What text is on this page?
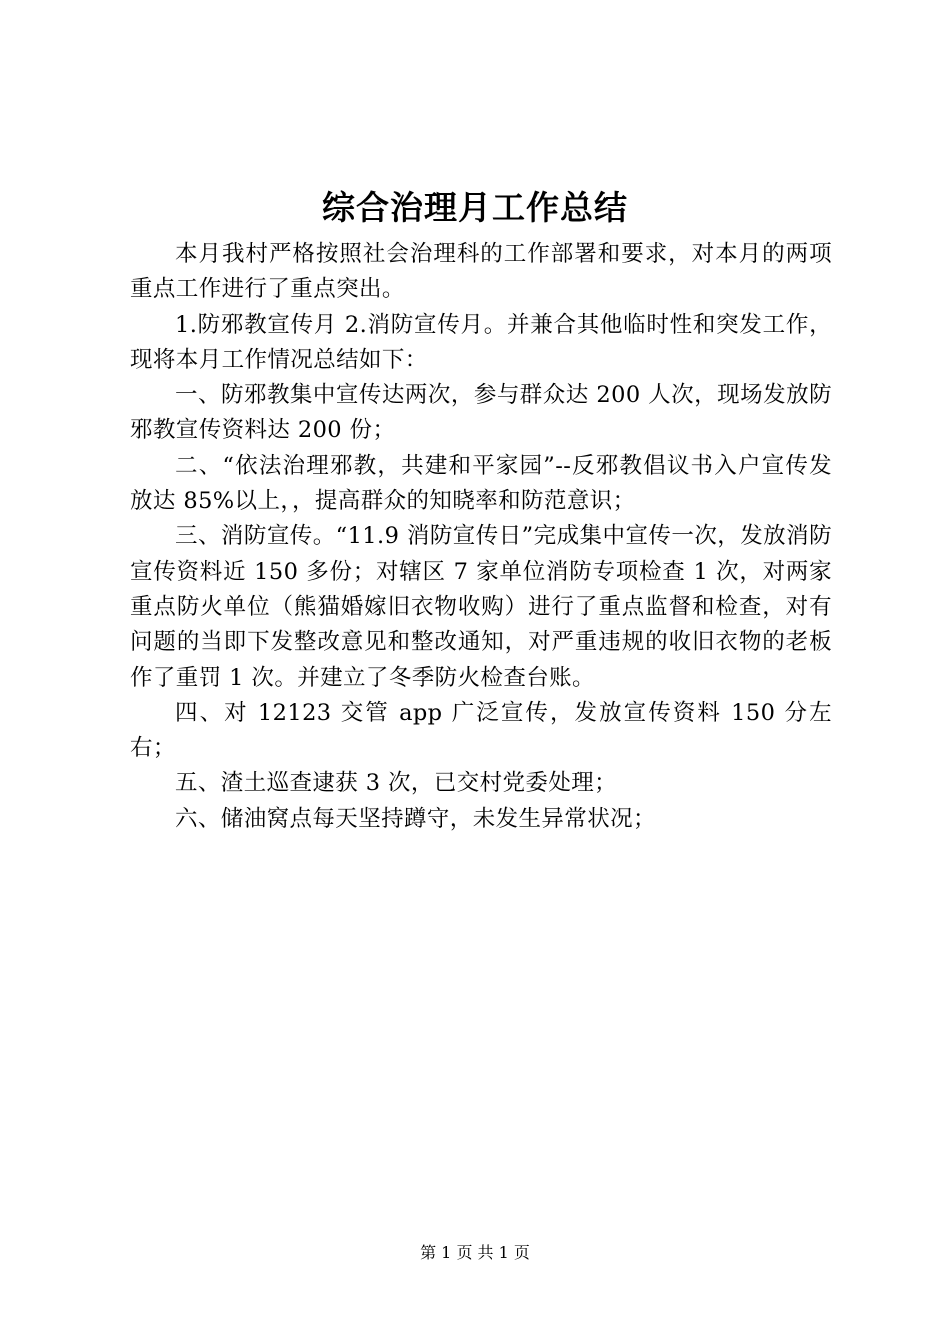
综合治理月工作总结

本月我村严格按照社会治理科的工作部署和要求，对本月的两项重点工作进行了重点突出。

1.防邪教宣传月 2.消防宣传月。并兼合其他临时性和突发工作，现将本月工作情况总结如下：

一、防邪教集中宣传达两次，参与群众达 200 人次，现场发放防邪教宣传资料达 200 份；

二、“依法治理邪教，共建和平家园”--反邪教倡议书入户宣传发放达 85%以上，，提高群众的知晓率和防范意识；

三、消防宣传。“11.9 消防宣传日”完成集中宣传一次，发放消防宣传资料近 150 多份；对辖区 7 家单位消防专项检查 1 次，对两家重点防火单位（熊猫婚嫁旧衣物收购）进行了重点监督和检查，对有问题的当即下发整改意见和整改通知，对严重违规的收旧衣物的老板作了重罚 1 次。并建立了冬季防火检查台账。

四、对 12123 交管 app 广泛宣传，发放宣传资料 150 分左右；

五、渣土巡查逮获 3 次，已交村党委处理；

六、储油窝点每天坚持蹲守，未发生异常状况；

第 1 页 共 1 页
